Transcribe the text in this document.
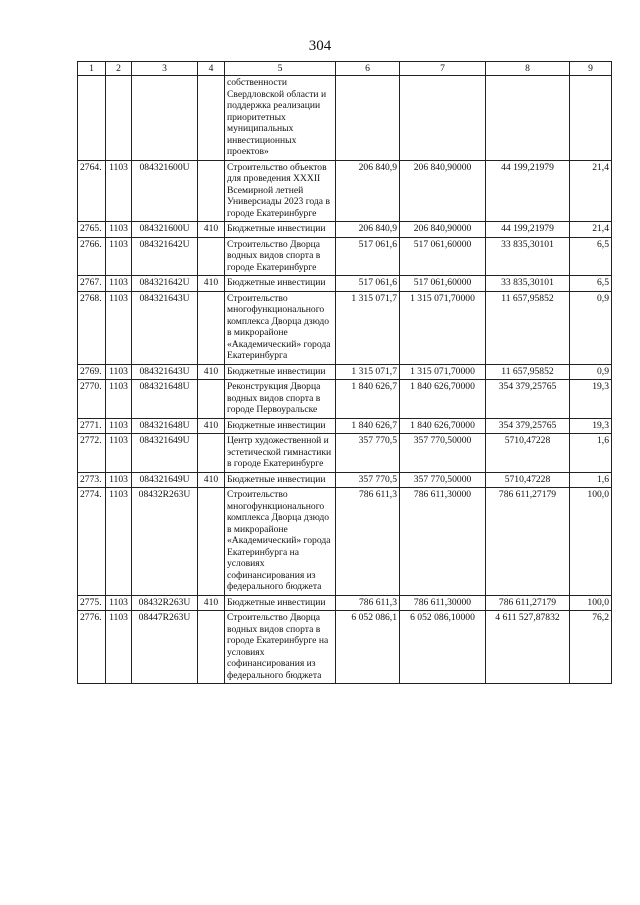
304
1	2	3	4	5	6	7	8	9
				собственности Свердловской области и поддержка реализации приоритетных муниципальных инвестиционных проектов»				
2764.	1103	084321600U		Строительство объектов для проведения XXXII Всемирной летней Универсиады 2023 года в городе Екатеринбурге	206 840,9	206 840,90000	44 199,21979	21,4
2765.	1103	084321600U	410	Бюджетные инвестиции	206 840,9	206 840,90000	44 199,21979	21,4
2766.	1103	084321642U		Строительство Дворца водных видов спорта в городе Екатеринбурге	517 061,6	517 061,60000	33 835,30101	6,5
2767.	1103	084321642U	410	Бюджетные инвестиции	517 061,6	517 061,60000	33 835,30101	6,5
2768.	1103	084321643U		Строительство многофункционального комплекса Дворца дзюдо в микрорайоне «Академический» города Екатеринбурга	1 315 071,7	1 315 071,70000	11 657,95852	0,9
2769.	1103	084321643U	410	Бюджетные инвестиции	1 315 071,7	1 315 071,70000	11 657,95852	0,9
2770.	1103	084321648U		Реконструкция Дворца водных видов спорта в городе Первоуральске	1 840 626,7	1 840 626,70000	354 379,25765	19,3
2771.	1103	084321648U	410	Бюджетные инвестиции	1 840 626,7	1 840 626,70000	354 379,25765	19,3
2772.	1103	084321649U		Центр художественной и эстетической гимнастики в городе Екатеринбурге	357 770,5	357 770,50000	5710,47228	1,6
2773.	1103	084321649U	410	Бюджетные инвестиции	357 770,5	357 770,50000	5710,47228	1,6
2774.	1103	08432R263U		Строительство многофункционального комплекса Дворца дзюдо в микрорайоне «Академический» города Екатеринбурга на условиях софинансирования из федерального бюджета	786 611,3	786 611,30000	786 611,27179	100,0
2775.	1103	08432R263U	410	Бюджетные инвестиции	786 611,3	786 611,30000	786 611,27179	100,0
2776.	1103	08447R263U		Строительство Дворца водных видов спорта в городе Екатеринбурге на условиях софинансирования из федерального бюджета	6 052 086,1	6 052 086,10000	4 611 527,87832	76,2
